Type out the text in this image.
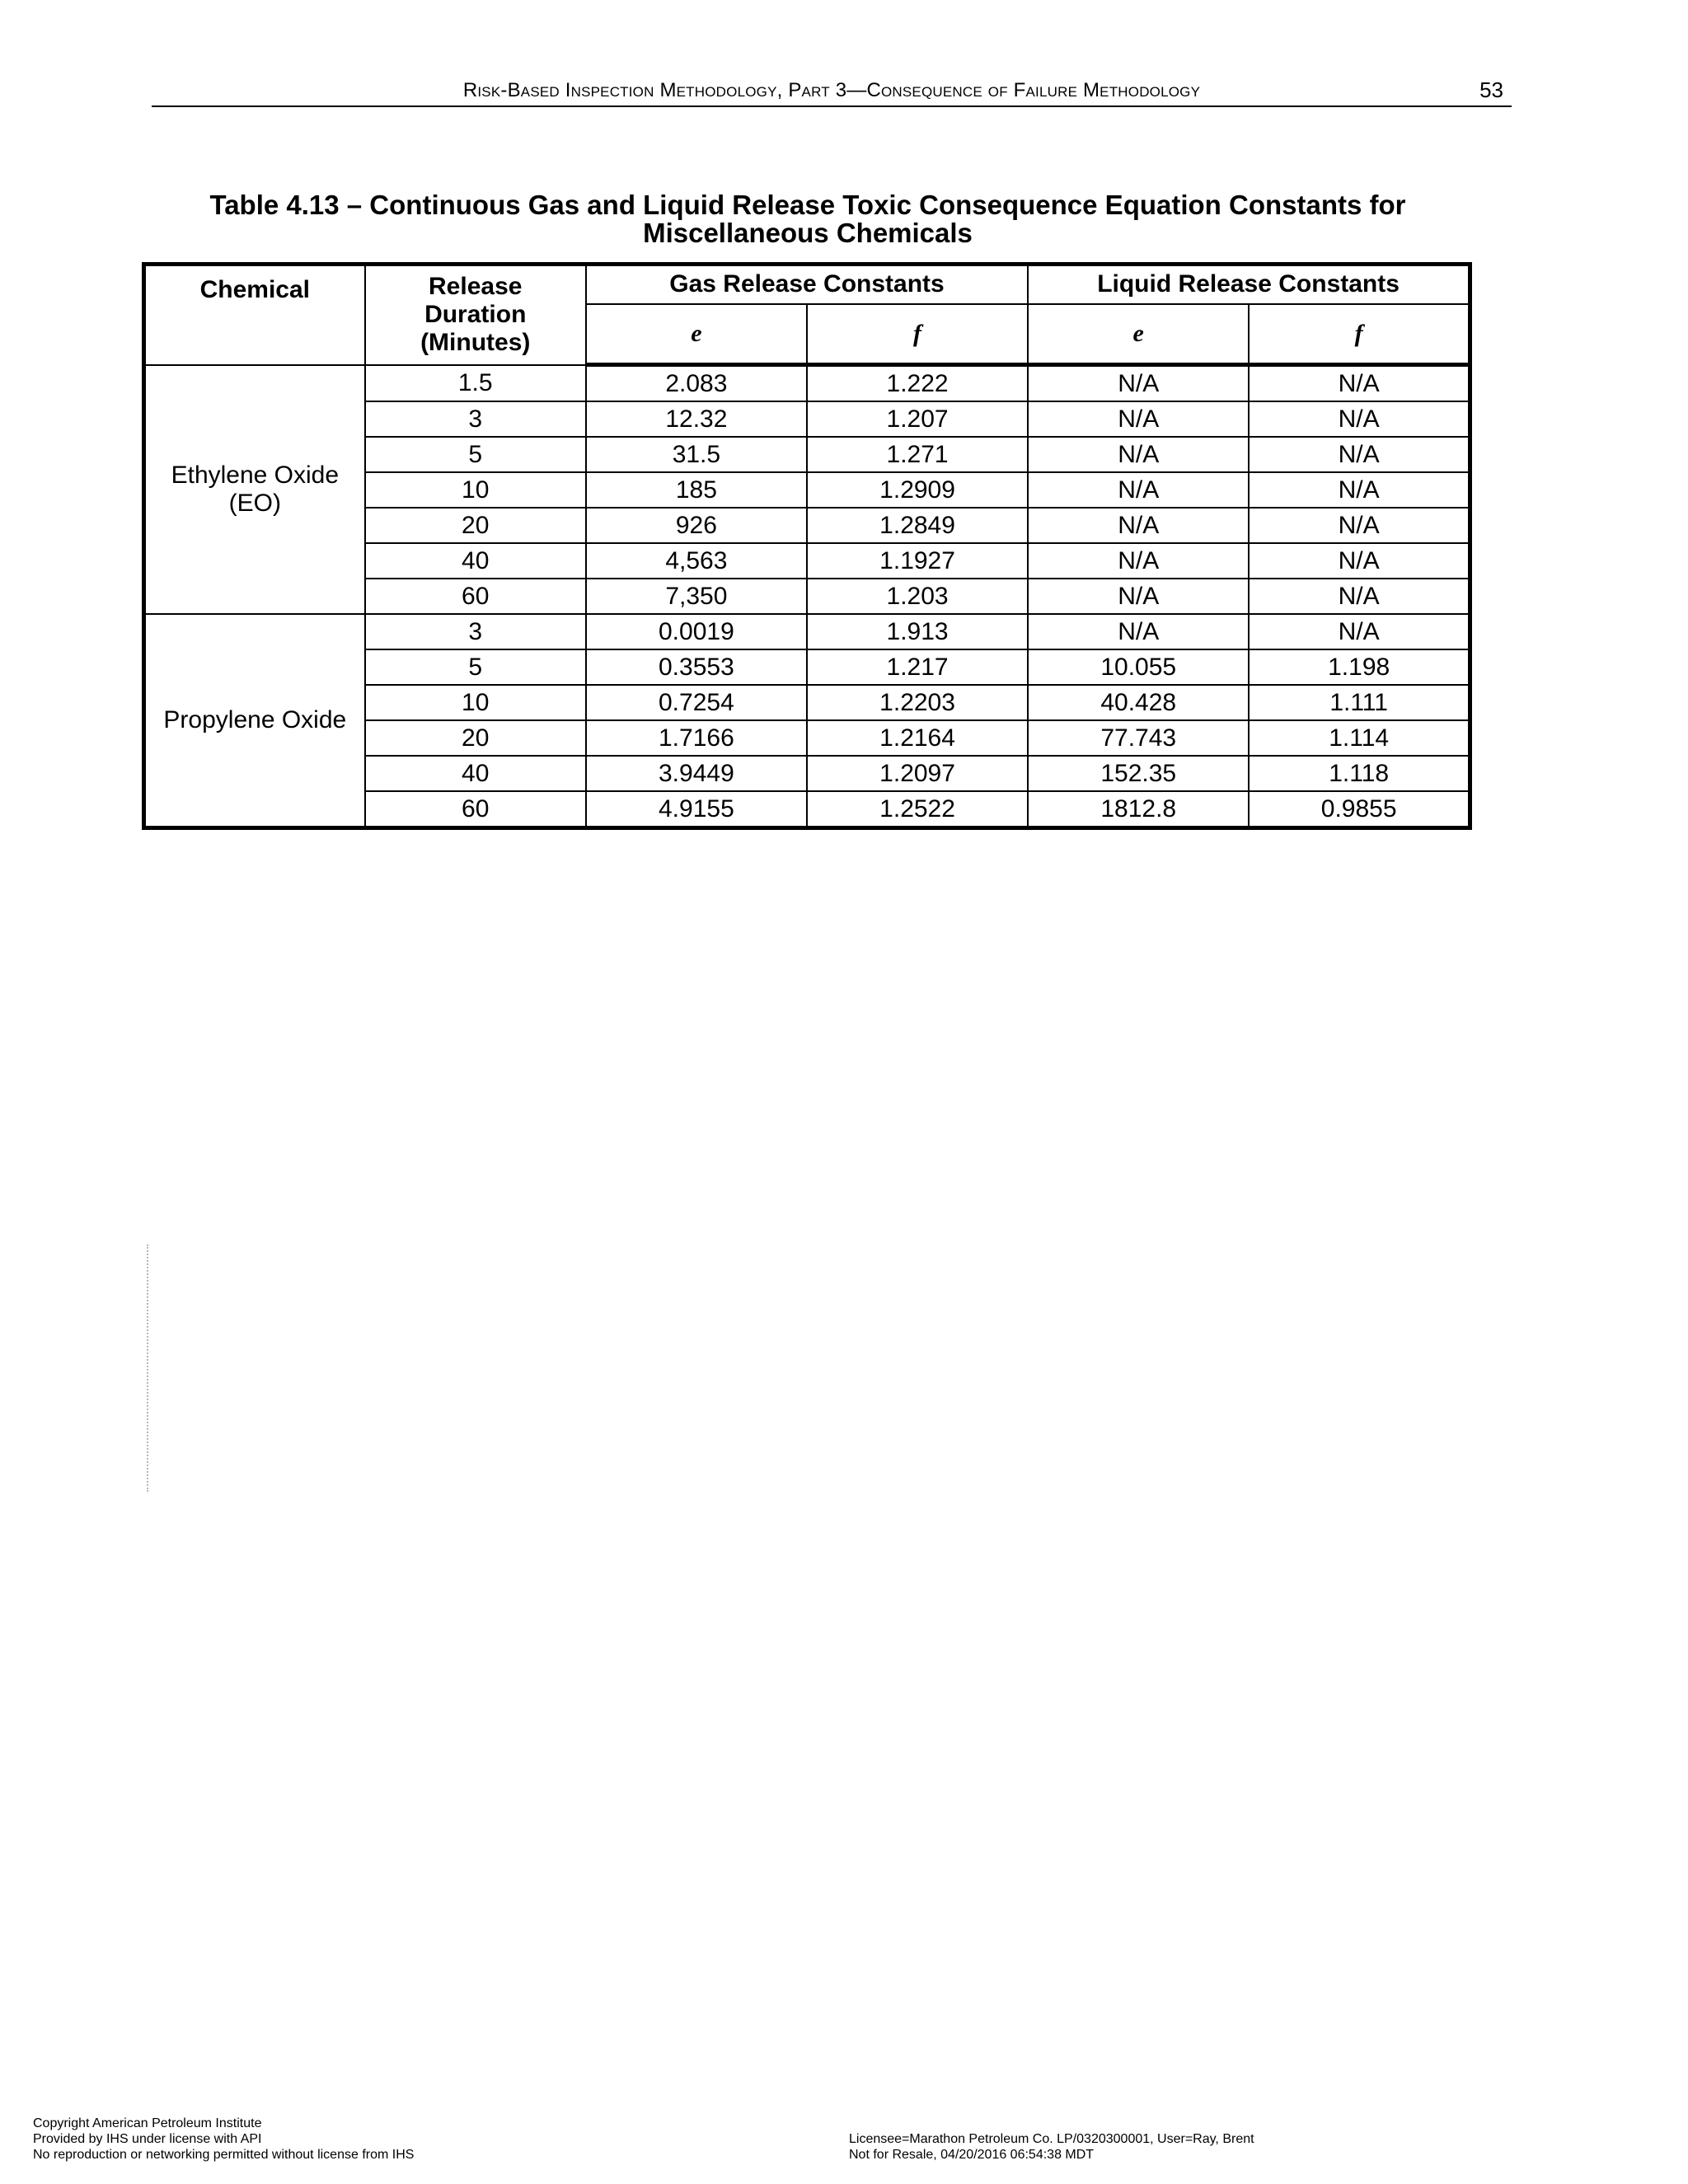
Risk-Based Inspection Methodology, Part 3—Consequence of Failure Methodology	53
Table 4.13 – Continuous Gas and Liquid Release Toxic Consequence Equation Constants for
Miscellaneous Chemicals
Chemical	Release
Duration
(Minutes)	Gas Release Constants		Liquid Release Constants	
		e	f	e	f

Ethylene Oxide
(EO)	1.5	2.083	1.222	N/A	N/A
	3	12.32	1.207	N/A	N/A
	5	31.5	1.271	N/A	N/A
	10	185	1.2909	N/A	N/A
	20	926	1.2849	N/A	N/A
	40	4,563	1.1927	N/A	N/A
	60	7,350	1.203	N/A	N/A

Propylene Oxide	3	0.0019	1.913	N/A	N/A
	5	0.3553	1.217	10.055	1.198
	10	0.7254	1.2203	40.428	1.111
	20	1.7166	1.2164	77.743	1.114
	40	3.9449	1.2097	152.35	1.118
	60	4.9155	1.2522	1812.8	0.9855
Copyright American Petroleum Institute
Provided by IHS under license with API
No reproduction or networking permitted without license from IHS

Licensee=Marathon Petroleum Co. LP/0320300001, User=Ray, Brent
Not for Resale, 04/20/2016 06:54:38 MDT
